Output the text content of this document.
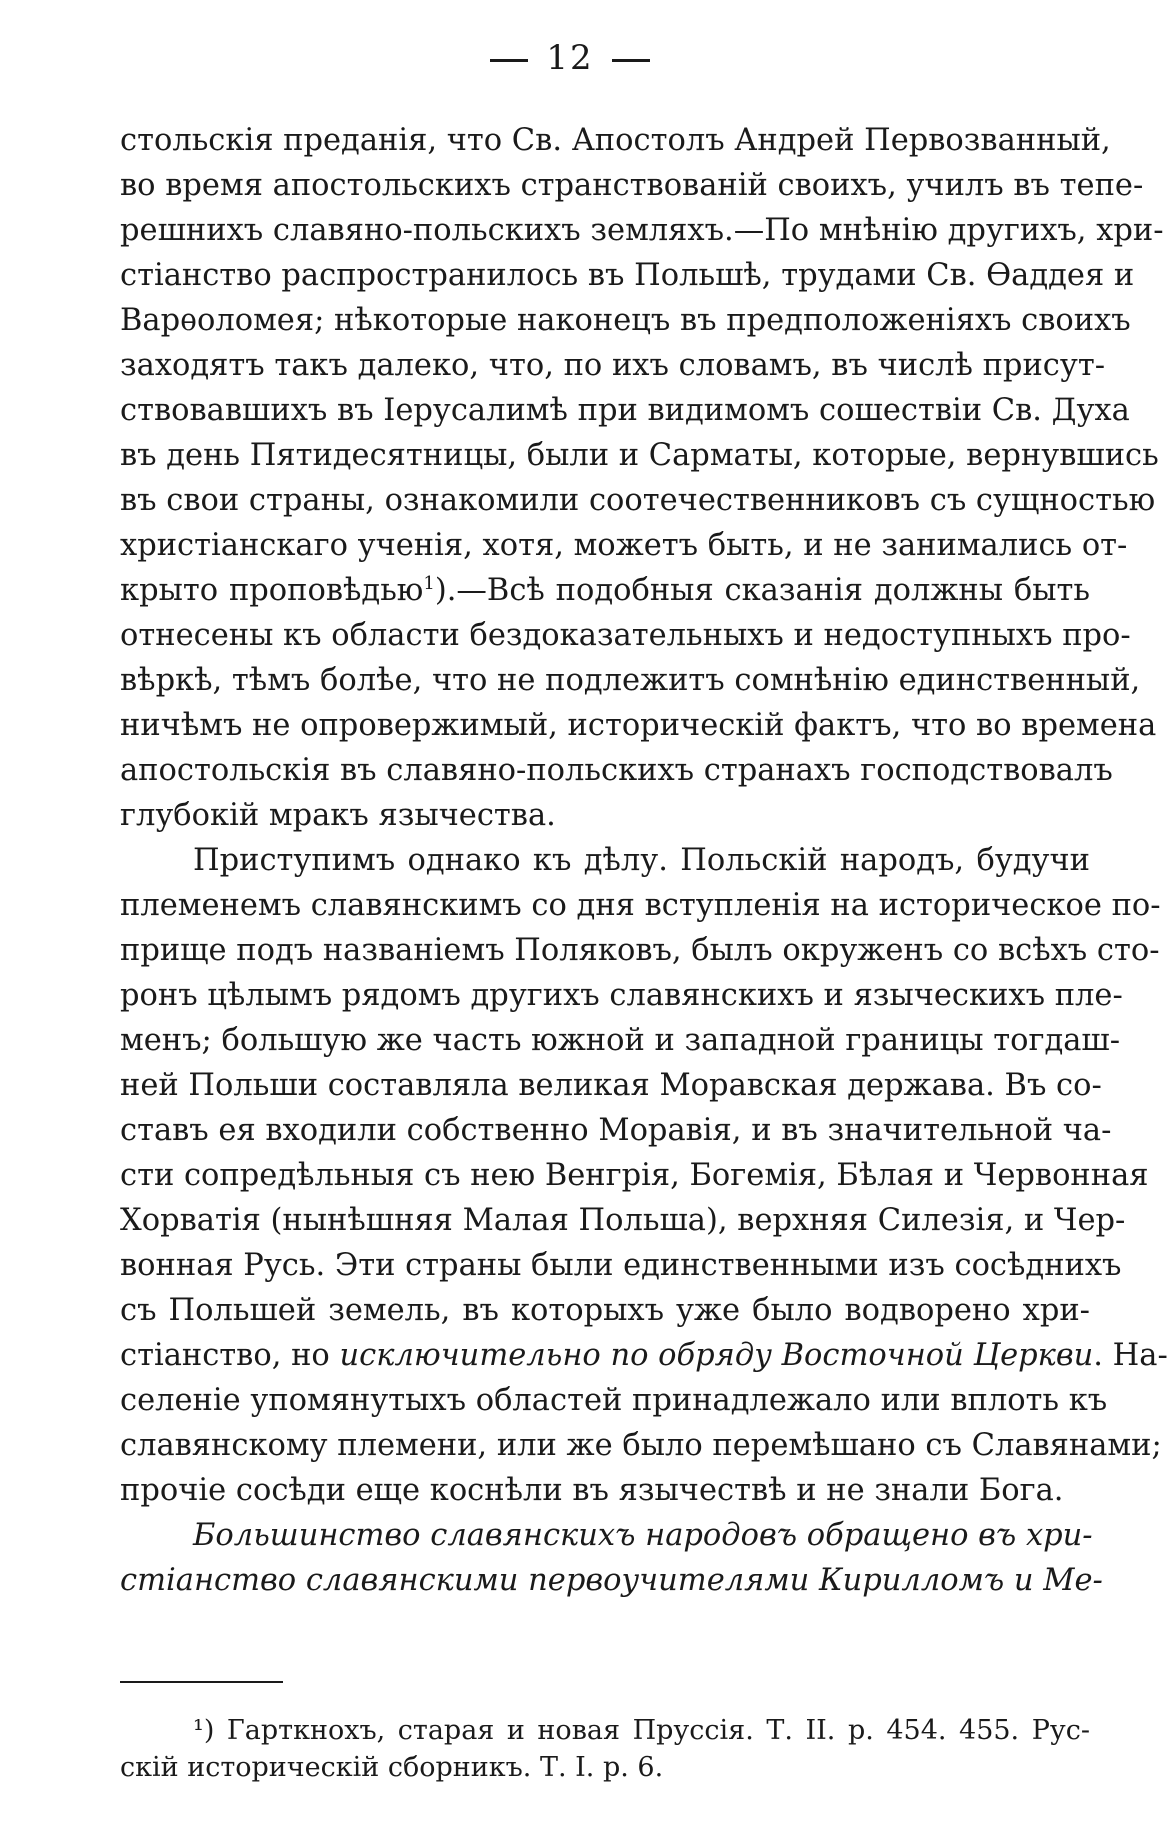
12
стольскія преданія, что Св. Апостолъ Андрей Первозванный,
во время апостольскихъ странствованій своихъ, училъ въ тепе-
решнихъ славяно-польскихъ земляхъ.—По мнѣнію другихъ, хри-
стіанство распространилось въ Польшѣ, трудами Св. Ѳаддея и
Варѳоломея; нѣкоторые наконецъ въ предположеніяхъ своихъ
заходятъ такъ далеко, что, по ихъ словамъ, въ числѣ присут-
ствовавшихъ въ Іерусалимѣ при видимомъ сошествіи Св. Духа
въ день Пятидесятницы, были и Сарматы, которые, вернувшись
въ свои страны, ознакомили соотечественниковъ съ сущностью
христіанскаго ученія, хотя, можетъ быть, и не занимались от-
крыто проповѣдью$^1$).—Всѣ подобныя сказанія должны быть
отнесены къ области бездоказательныхъ и недоступныхъ про-
вѣркѣ, тѣмъ болѣе, что не подлежитъ сомнѣнію единственный,
ничѣмъ не опровержимый, историческій фактъ, что во времена
апостольскія въ славяно-польскихъ странахъ господствовалъ
глубокій мракъ язычества.
Приступимъ однако къ дѣлу. Польскій народъ, будучи
племенемъ славянскимъ со дня вступленія на историческое по-
прище подъ названіемъ Поляковъ, былъ окруженъ со всѣхъ сто-
ронъ цѣлымъ рядомъ другихъ славянскихъ и языческихъ пле-
менъ; большую же часть южной и западной границы тогдаш-
ней Польши составляла великая Моравская держава. Въ со-
ставъ ея входили собственно Моравія, и въ значительной ча-
сти сопредѣльныя съ нею Венгрія, Богемія, Бѣлая и Червонная
Хорватія (нынѣшняя Малая Польша), верхняя Силезія, и Чер-
вонная Русь. Эти страны были единственными изъ сосѣднихъ
съ Польшей земель, въ которыхъ уже было водворено хри-
стіанство, но исключительно по обряду Восточной Церкви. На-
селеніе упомянутыхъ областей принадлежало или вплоть къ
славянскому племени, или же было перемѣшано съ Славянами;
прочіе сосѣди еще коснѣли въ язычествѣ и не знали Бога.
Большинство славянскихъ народовъ обращено въ хри-
стіанство славянскими первоучителями Кирилломъ и Ме-
¹) Гарткнохъ, старая и новая Пруссія. Т. II. p. 454. 455. Рус-
скій историческій сборникъ. Т. I. p. 6.
